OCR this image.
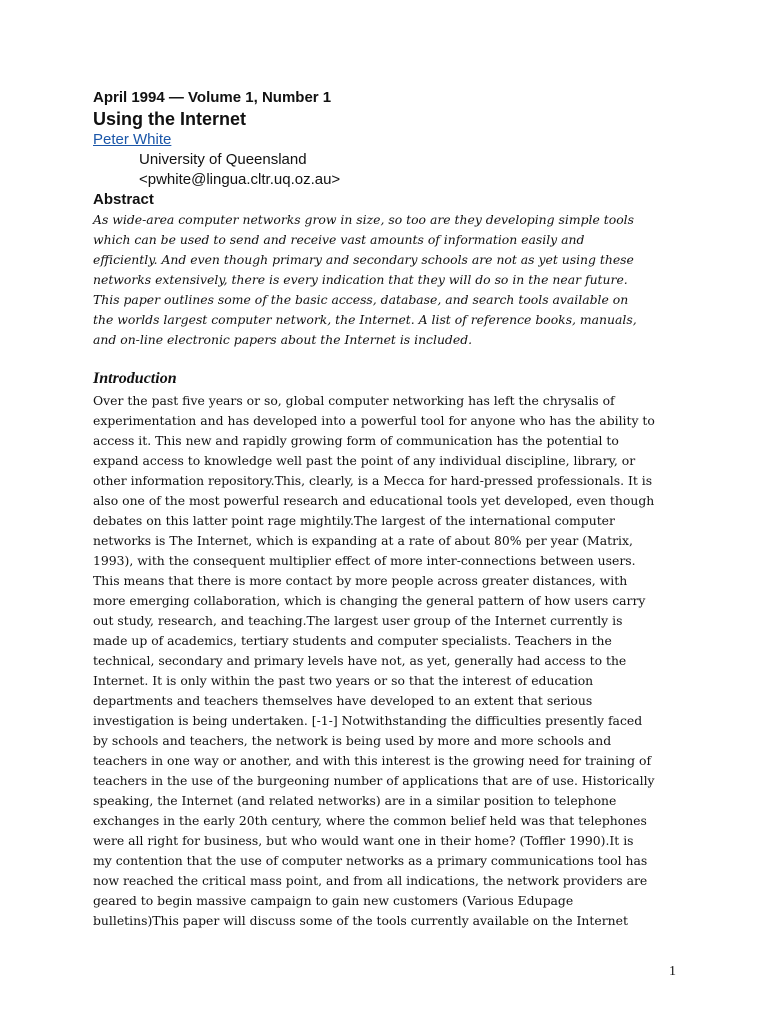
April 1994 — Volume 1, Number 1
Using the Internet
Peter White
University of Queensland
<pwhite@lingua.cltr.uq.oz.au>
Abstract
As wide-area computer networks grow in size, so too are they developing simple tools
which can be used to send and receive vast amounts of information easily and
efficiently. And even though primary and secondary schools are not as yet using these
networks extensively, there is every indication that they will do so in the near future.
This paper outlines some of the basic access, database, and search tools available on
the worlds largest computer network, the Internet. A list of reference books, manuals,
and on-line electronic papers about the Internet is included.
Introduction
Over the past five years or so, global computer networking has left the chrysalis of
experimentation and has developed into a powerful tool for anyone who has the ability to
access it. This new and rapidly growing form of communication has the potential to
expand access to knowledge well past the point of any individual discipline, library, or
other information repository.This, clearly, is a Mecca for hard-pressed professionals. It is
also one of the most powerful research and educational tools yet developed, even though
debates on this latter point rage mightily.The largest of the international computer
networks is The Internet, which is expanding at a rate of about 80% per year (Matrix,
1993), with the consequent multiplier effect of more inter-connections between users.
This means that there is more contact by more people across greater distances, with
more emerging collaboration, which is changing the general pattern of how users carry
out study, research, and teaching.The largest user group of the Internet currently is
made up of academics, tertiary students and computer specialists. Teachers in the
technical, secondary and primary levels have not, as yet, generally had access to the
Internet. It is only within the past two years or so that the interest of education
departments and teachers themselves have developed to an extent that serious
investigation is being undertaken. [-1-] Notwithstanding the difficulties presently faced
by schools and teachers, the network is being used by more and more schools and
teachers in one way or another, and with this interest is the growing need for training of
teachers in the use of the burgeoning number of applications that are of use. Historically
speaking, the Internet (and related networks) are in a similar position to telephone
exchanges in the early 20th century, where the common belief held was that telephones
were all right for business, but who would want one in their home? (Toffler 1990).It is
my contention that the use of computer networks as a primary communications tool has
now reached the critical mass point, and from all indications, the network providers are
geared to begin massive campaign to gain new customers (Various Edupage
bulletins)This paper will discuss some of the tools currently available on the Internet
1
